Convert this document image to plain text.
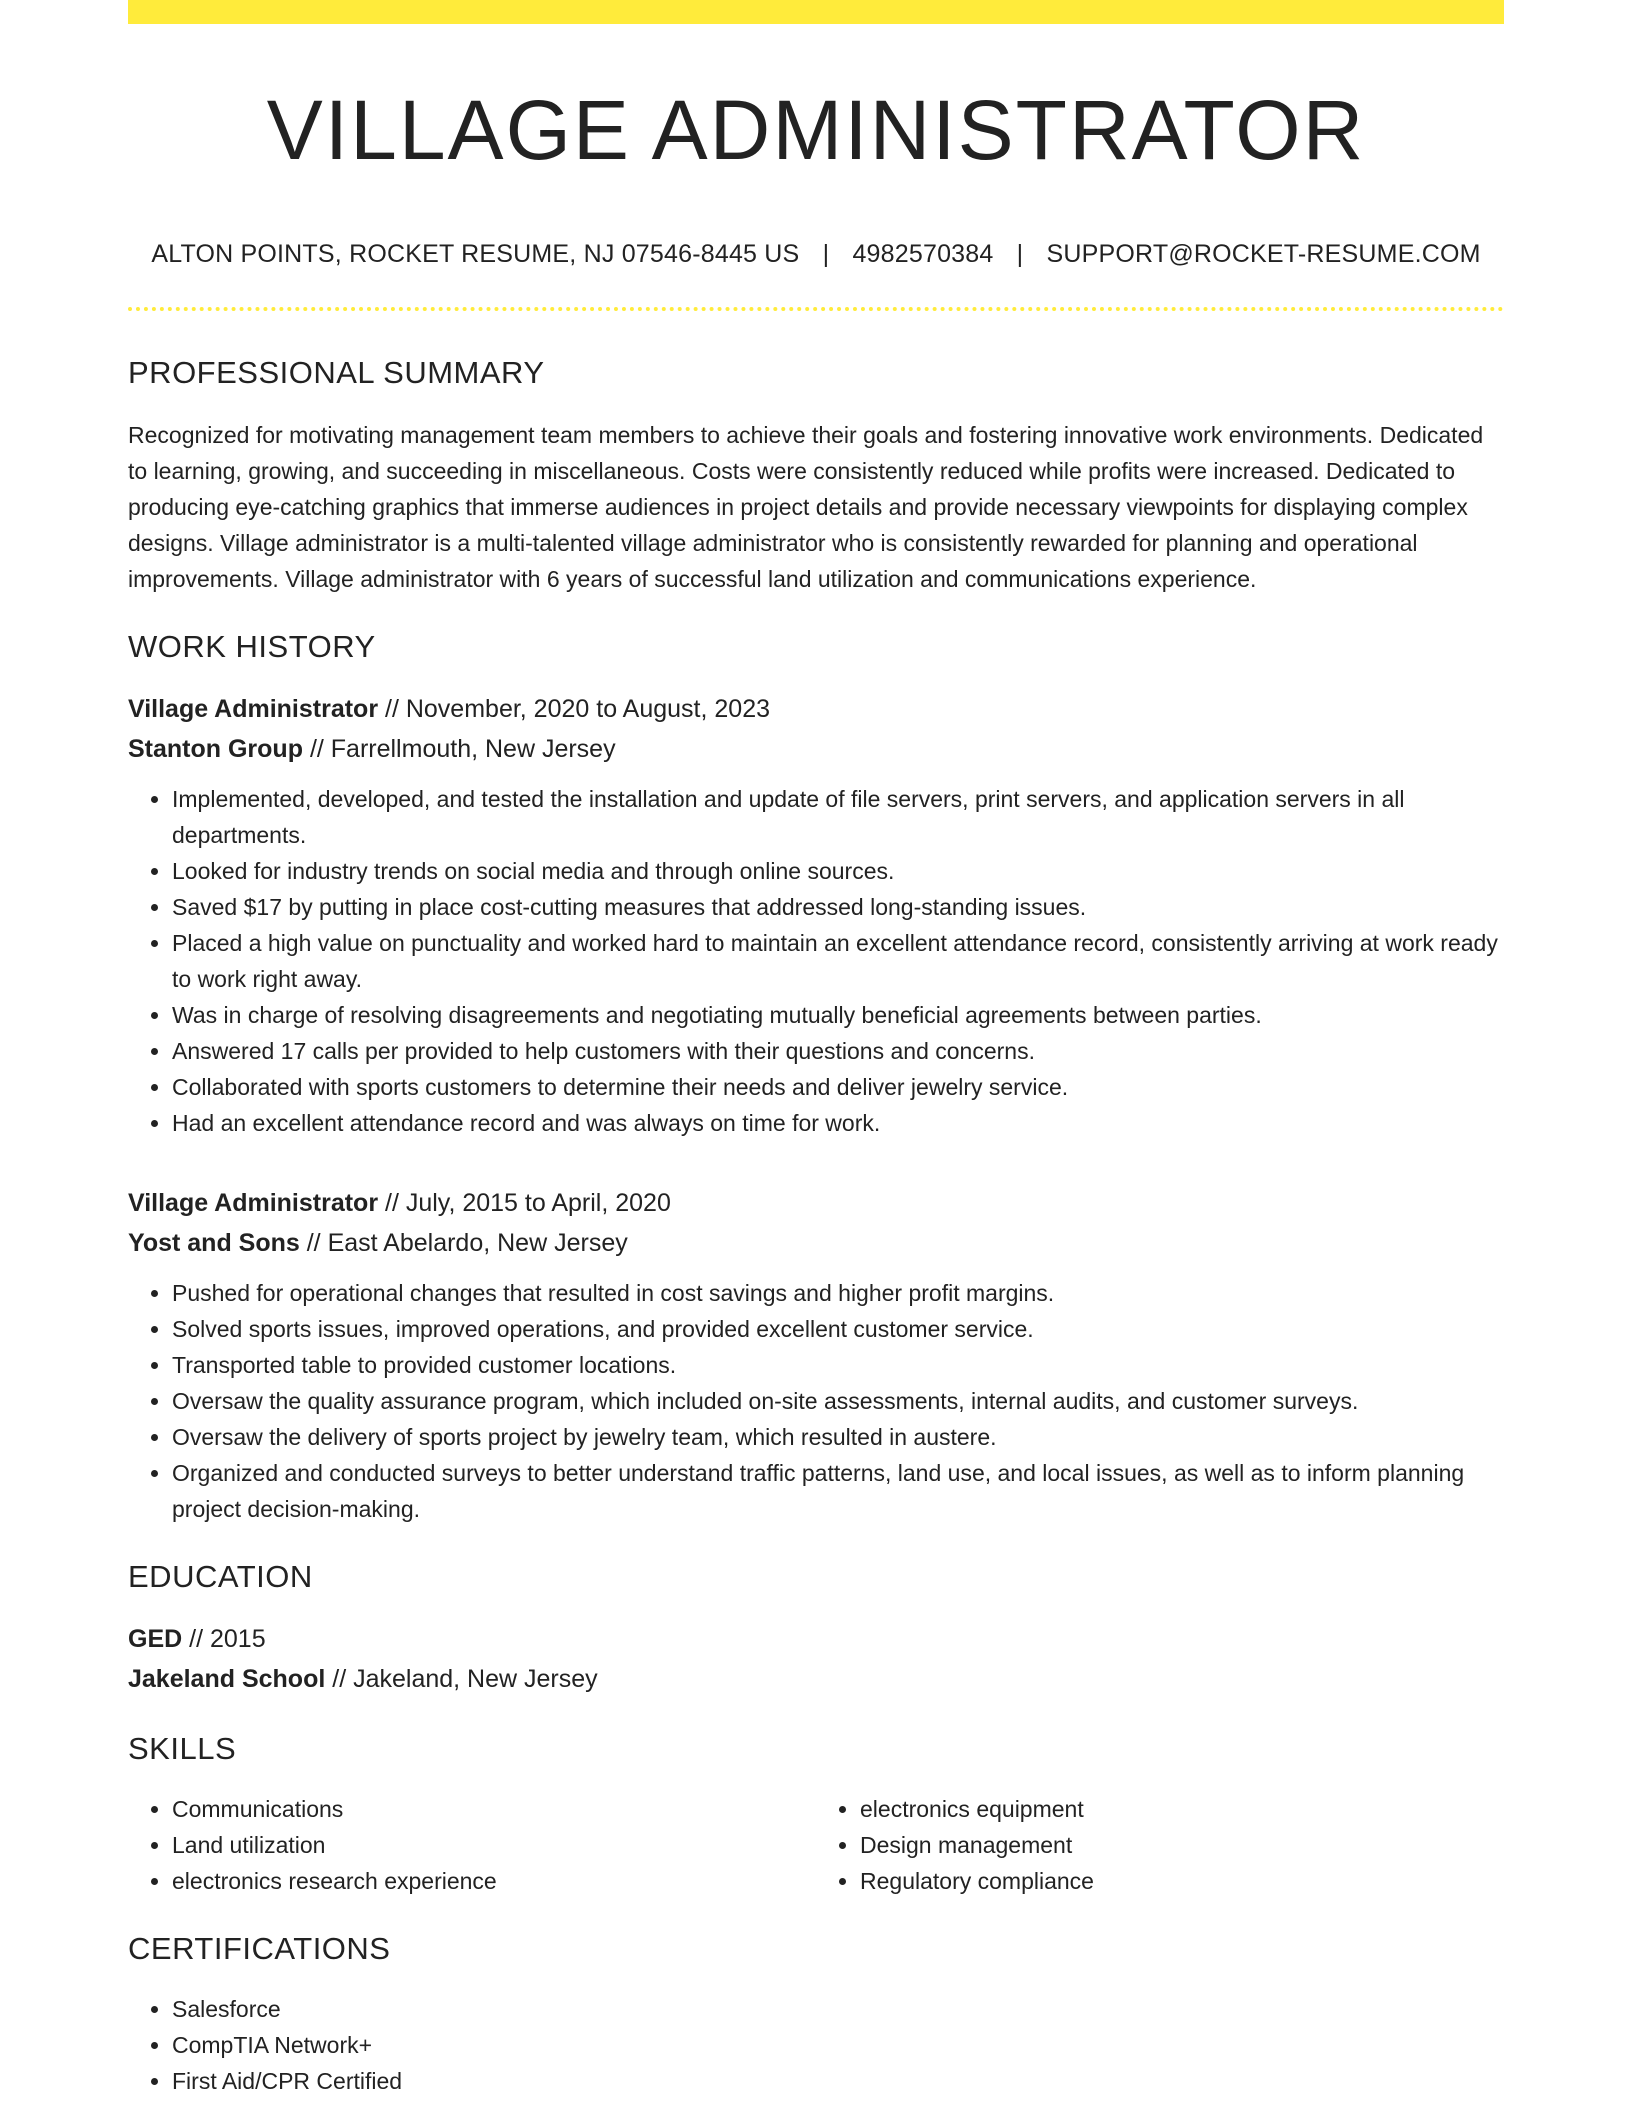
VILLAGE ADMINISTRATOR
ALTON POINTS, ROCKET RESUME, NJ 07546-8445 US | 4982570384 | SUPPORT@ROCKET-RESUME.COM
PROFESSIONAL SUMMARY

Recognized for motivating management team members to achieve their goals and fostering innovative work environments. Dedicated to learning, growing, and succeeding in miscellaneous. Costs were consistently reduced while profits were increased. Dedicated to producing eye-catching graphics that immerse audiences in project details and provide necessary viewpoints for displaying complex designs. Village administrator is a multi-talented village administrator who is consistently rewarded for planning and operational improvements. Village administrator with 6 years of successful land utilization and communications experience.

WORK HISTORY
Village Administrator // November, 2020 to August, 2023
Stanton Group // Farrellmouth, New Jersey
• Implemented, developed, and tested the installation and update of file servers, print servers, and application servers in all departments.
• Looked for industry trends on social media and through online sources.
• Saved $17 by putting in place cost-cutting measures that addressed long-standing issues.
• Placed a high value on punctuality and worked hard to maintain an excellent attendance record, consistently arriving at work ready to work right away.
• Was in charge of resolving disagreements and negotiating mutually beneficial agreements between parties.
• Answered 17 calls per provided to help customers with their questions and concerns.
• Collaborated with sports customers to determine their needs and deliver jewelry service.
• Had an excellent attendance record and was always on time for work.
Village Administrator // July, 2015 to April, 2020
Yost and Sons // East Abelardo, New Jersey
• Pushed for operational changes that resulted in cost savings and higher profit margins.
• Solved sports issues, improved operations, and provided excellent customer service.
• Transported table to provided customer locations.
• Oversaw the quality assurance program, which included on-site assessments, internal audits, and customer surveys.
• Oversaw the delivery of sports project by jewelry team, which resulted in austere.
• Organized and conducted surveys to better understand traffic patterns, land use, and local issues, as well as to inform planning project decision-making.
EDUCATION
GED // 2015
Jakeland School // Jakeland, New Jersey
SKILLS
• Communications
• Land utilization
• electronics research experience
• electronics equipment
• Design management
• Regulatory compliance
CERTIFICATIONS
• Salesforce
• CompTIA Network+
• First Aid/CPR Certified
